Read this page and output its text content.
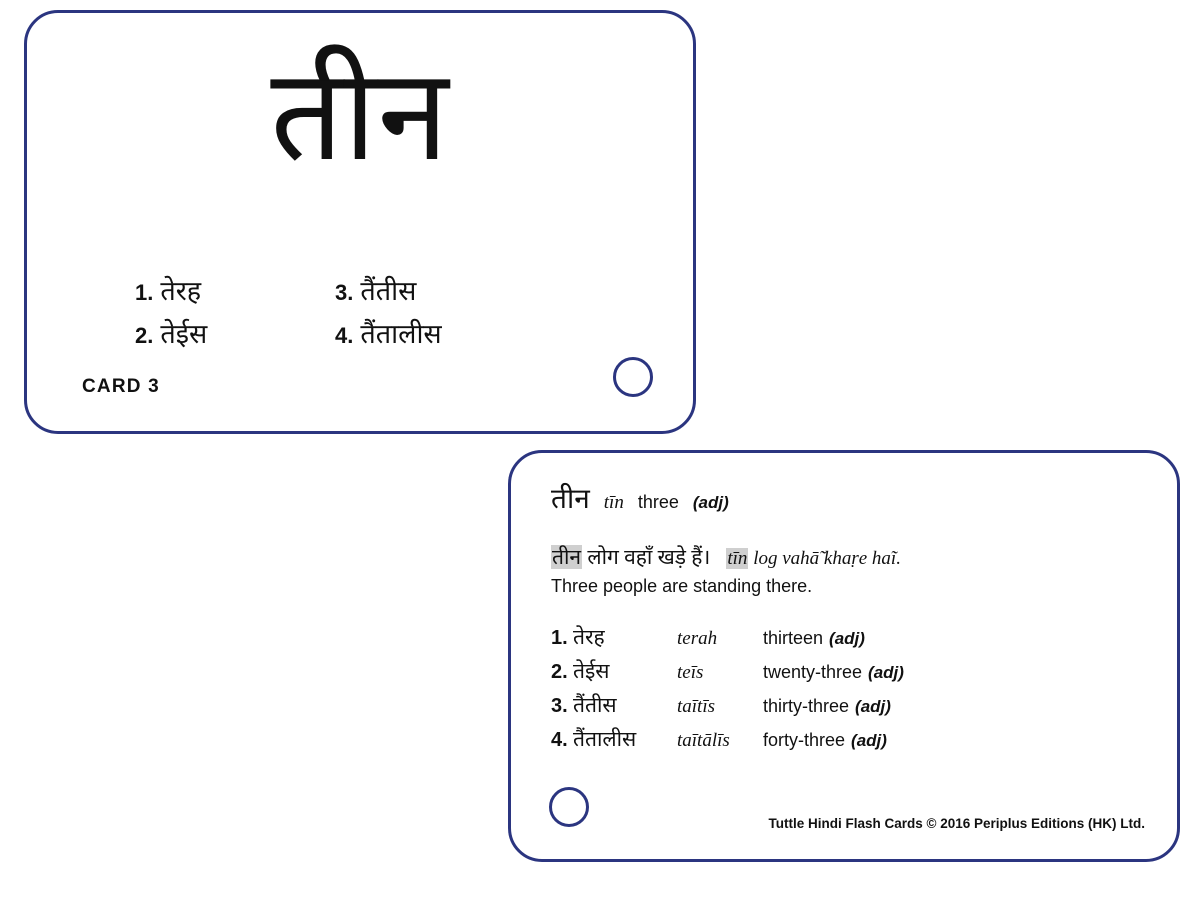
तीन
1. तेरह	3. तैंतीस
2. तेईस	4. तैंतालीस
CARD 3
तीन tīn three (adj)
तीन लोग वहाँ खड़े हैं। tīn log vahā̃ khaṛe haĩ.
Three people are standing there.
1. तेरह	terah	thirteen (adj)
2. तेईस	teīs	twenty-three (adj)
3. तैंतीस	taītīs	thirty-three (adj)
4. तैंतालीस	taītālīs	forty-three (adj)
Tuttle Hindi Flash Cards © 2016 Periplus Editions (HK) Ltd.
